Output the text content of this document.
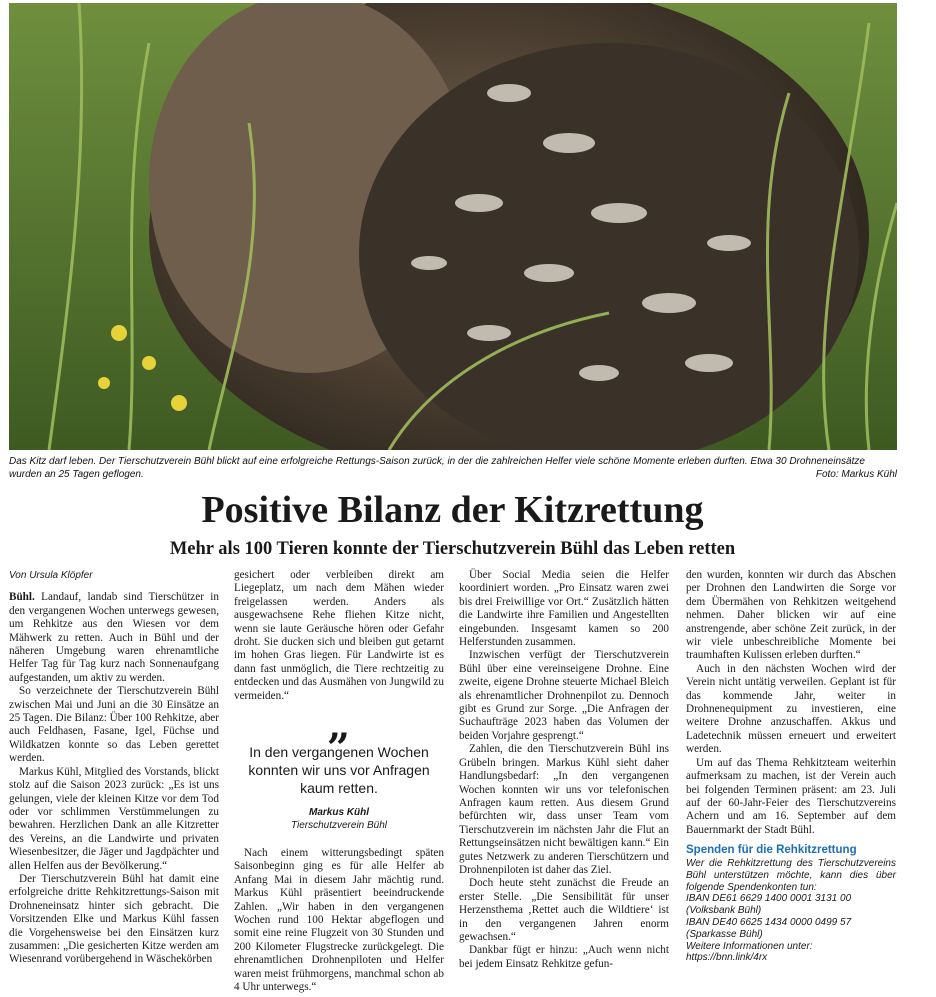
Das Kitz darf leben. Der Tierschutzverein Bühl blickt auf eine erfolgreiche Rettungs-Saison zurück, in der die zahlreichen Helfer viele schöne Momente erleben durften. Etwa 30 Drohneneinsätze wurden an 25 Tagen geflogen.	Foto: Markus Kühl
Positive Bilanz der Kitzrettung
Mehr als 100 Tieren konnte der Tierschutzverein Bühl das Leben retten

Von Ursula Klöpfer

Bühl. Landauf, landab sind Tierschützer in den vergangenen Wochen unterwegs gewesen, um Rehkitze aus den Wiesen vor dem Mähwerk zu retten. Auch in Bühl und der näheren Umgebung waren ehrenamtliche Helfer Tag für Tag kurz nach Sonnenaufgang aufgestanden, um aktiv zu werden.

So verzeichnete der Tierschutzverein Bühl zwischen Mai und Juni an die 30 Einsätze an 25 Tagen. Die Bilanz: Über 100 Rehkitze, aber auch Feldhasen, Fasane, Igel, Füchse und Wildkatzen konnte so das Leben gerettet werden.

Markus Kühl, Mitglied des Vorstands, blickt stolz auf die Saison 2023 zurück: „Es ist uns gelungen, viele der kleinen Kitze vor dem Tod oder vor schlimmen Verstümmelungen zu bewahren. Herzlichen Dank an alle Kitzretter des Vereins, an die Landwirte und privaten Wiesenbesitzer, die Jäger und Jagdpächter und allen Helfen aus der Bevölkerung.“

Der Tierschutzverein Bühl hat damit eine erfolgreiche dritte Rehkitzrettungs-Saison mit Drohneneinsatz hinter sich gebracht. Die Vorsitzenden Elke und Markus Kühl fassen die Vorgehensweise bei den Einsätzen kurz zusammen: „Die gesicherten Kitze werden am Wiesenrand vorübergehend in Wäschekörben

gesichert oder verbleiben direkt am Liegeplatz, um nach dem Mähen wieder freigelassen werden. Anders als ausgewachsene Rehe fliehen Kitze nicht, wenn sie laute Geräusche hören oder Gefahr droht. Sie ducken sich und bleiben gut getarnt im hohen Gras liegen. Für Landwirte ist es dann fast unmöglich, die Tiere rechtzeitig zu entdecken und das Ausmähen von Jungwild zu vermeiden.“

„
In den vergangenen Wochen konnten wir uns vor Anfragen kaum retten.
Markus Kühl
Tierschutzverein Bühl

Nach einem witterungsbedingt späten Saisonbeginn ging es für alle Helfer ab Anfang Mai in diesem Jahr mächtig rund. Markus Kühl präsentiert beeindruckende Zahlen. „Wir haben in den vergangenen Wochen rund 100 Hektar abgeflogen und somit eine reine Flugzeit von 30 Stunden und 200 Kilometer Flugstrecke zurückgelegt. Die ehrenamtlichen Drohnenpiloten und Helfer waren meist frühmorgens, manchmal schon ab 4 Uhr unterwegs.“

Über Social Media seien die Helfer koordiniert worden. „Pro Einsatz waren zwei bis drei Freiwillige vor Ort.“ Zusätzlich hätten die Landwirte ihre Familien und Angestellten eingebunden. Insgesamt kamen so 200 Helferstunden zusammen.

Inzwischen verfügt der Tierschutzverein Bühl über eine vereinseigene Drohne. Eine zweite, eigene Drohne steuerte Michael Bleich als ehrenamtlicher Drohnenpilot zu. Dennoch gibt es Grund zur Sorge. „Die Anfragen der Suchaufträge 2023 haben das Volumen der beiden Vorjahre gesprengt.“

Zahlen, die den Tierschutzverein Bühl ins Grübeln bringen. Markus Kühl sieht daher Handlungsbedarf: „In den vergangenen Wochen konnten wir uns vor telefonischen Anfragen kaum retten. Aus diesem Grund befürchten wir, dass unser Team vom Tierschutzverein im nächsten Jahr die Flut an Rettungseinsätzen nicht bewältigen kann.“ Ein gutes Netzwerk zu anderen Tierschützern und Drohnenpiloten ist daher das Ziel.

Doch heute steht zunächst die Freude an erster Stelle. „Die Sensibilität für unser Herzensthema ‚Rettet auch die Wildtiere‘ ist in den vergangenen Jahren enorm gewachsen.“

Dankbar fügt er hinzu: „Auch wenn nicht bei jedem Einsatz Rehkitze gefun-

den wurden, konnten wir durch das Abschen per Drohnen den Landwirten die Sorge vor dem Übermähen von Rehkitzen weitgehend nehmen. Daher blicken wir auf eine anstrengende, aber schöne Zeit zurück, in der wir viele unbeschreibliche Momente bei traumhaften Kulissen erleben durften.“

Auch in den nächsten Wochen wird der Verein nicht untätig verweilen. Geplant ist für das kommende Jahr, weiter in Drohnenequipment zu investieren, eine weitere Drohne anzuschaffen. Akkus und Ladetechnik müssen erneuert und erweitert werden.

Um auf das Thema Rehkitzteam weiterhin aufmerksam zu machen, ist der Verein auch bei folgenden Terminen präsent: am 23. Juli auf der 60-Jahr-Feier des Tierschutzvereins Achern und am 16. September auf dem Bauernmarkt der Stadt Bühl.

Spenden für die Rehkitzrettung
Wer die Rehkitzrettung des Tierschutzvereins Bühl unterstützen möchte, kann dies über folgende Spendenkonten tun:
IBAN DE61 6629 1400 0001 3131 00
(Volksbank Bühl)
IBAN DE40 6625 1434 0000 0499 57
(Sparkasse Bühl)
Weitere Informationen unter:
https://bnn.link/4rx
